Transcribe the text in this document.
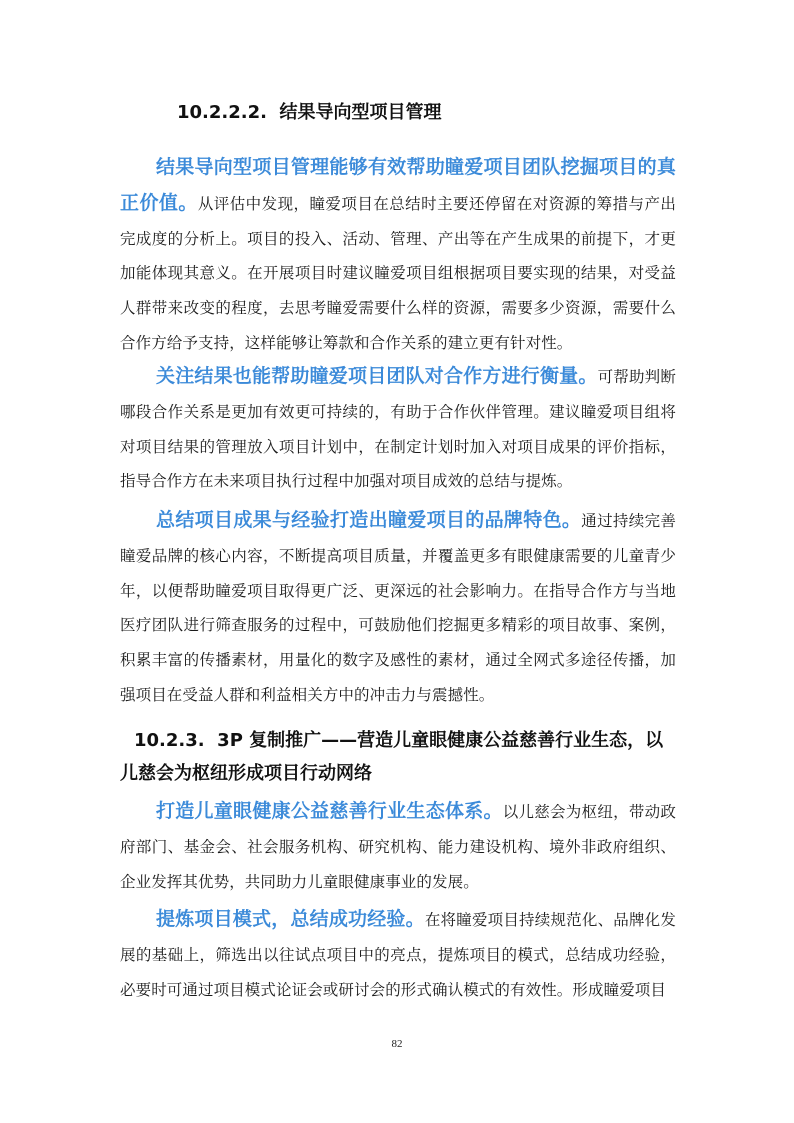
10.2.2.2. 结果导向型项目管理

结果导向型项目管理能够有效帮助瞳爱项目团队挖掘项目的真正价值。从评估中发现，瞳爱项目在总结时主要还停留在对资源的筹措与产出完成度的分析上。项目的投入、活动、管理、产出等在产生成果的前提下，才更加能体现其意义。在开展项目时建议瞳爱项目组根据项目要实现的结果，对受益人群带来改变的程度，去思考瞳爱需要什么样的资源，需要多少资源，需要什么合作方给予支持，这样能够让筹款和合作关系的建立更有针对性。

关注结果也能帮助瞳爱项目团队对合作方进行衡量。可帮助判断哪段合作关系是更加有效更可持续的，有助于合作伙伴管理。建议瞳爱项目组将对项目结果的管理放入项目计划中，在制定计划时加入对项目成果的评价指标，指导合作方在未来项目执行过程中加强对项目成效的总结与提炼。

总结项目成果与经验打造出瞳爱项目的品牌特色。通过持续完善瞳爱品牌的核心内容，不断提高项目质量，并覆盖更多有眼健康需要的儿童青少年，以便帮助瞳爱项目取得更广泛、更深远的社会影响力。在指导合作方与当地医疗团队进行筛查服务的过程中，可鼓励他们挖掘更多精彩的项目故事、案例，积累丰富的传播素材，用量化的数字及感性的素材，通过全网式多途径传播，加强项目在受益人群和利益相关方中的冲击力与震撼性。

10.2.3. 3P 复制推广——营造儿童眼健康公益慈善行业生态，以儿慈会为枢纽形成项目行动网络

打造儿童眼健康公益慈善行业生态体系。以儿慈会为枢纽，带动政府部门、基金会、社会服务机构、研究机构、能力建设机构、境外非政府组织、企业发挥其优势，共同助力儿童眼健康事业的发展。

提炼项目模式，总结成功经验。在将瞳爱项目持续规范化、品牌化发展的基础上，筛选出以往试点项目中的亮点，提炼项目的模式，总结成功经验，必要时可通过项目模式论证会或研讨会的形式确认模式的有效性。形成瞳爱项目

82
